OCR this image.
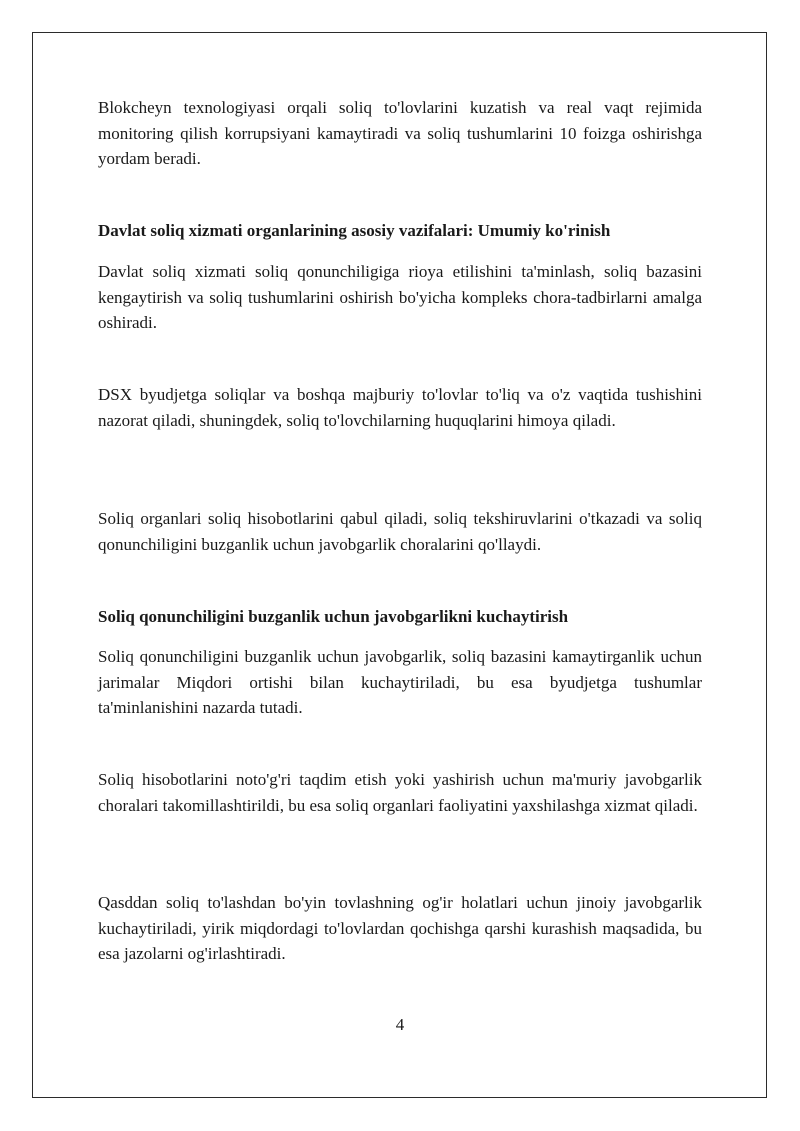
Blokcheyn texnologiyasi orqali soliq to'lovlarini kuzatish va real vaqt rejimida monitoring qilish korrupsiyani kamaytiradi va soliq tushumlarini 10 foizga oshirishga yordam beradi.

Davlat soliq xizmati organlarining asosiy vazifalari: Umumiy ko'rinish

Davlat soliq xizmati soliq qonunchiligiga rioya etilishini ta'minlash, soliq bazasini kengaytirish va soliq tushumlarini oshirish bo'yicha kompleks chora-tadbirlarni amalga oshiradi.

DSX byudjetga soliqlar va boshqa majburiy to'lovlar to'liq va o'z vaqtida tushishini nazorat qiladi, shuningdek, soliq to'lovchilarning huquqlarini himoya qiladi.

Soliq organlari soliq hisobotlarini qabul qiladi, soliq tekshiruvlarini o'tkazadi va soliq qonunchiligini buzganlik uchun javobgarlik choralarini qo'llaydi.

Soliq qonunchiligini buzganlik uchun javobgarlikni kuchaytirish

Soliq qonunchiligini buzganlik uchun javobgarlik, soliq bazasini kamaytirganlik uchun jarimalar Miqdori ortishi bilan kuchaytiriladi, bu esa byudjetga tushumlar ta'minlanishini nazarda tutadi.

Soliq hisobotlarini noto'g'ri taqdim etish yoki yashirish uchun ma'muriy javobgarlik choralari takomillashtirildi, bu esa soliq organlari faoliyatini yaxshilashga xizmat qiladi.

Qasddan soliq to'lashdan bo'yin tovlashning og'ir holatlari uchun jinoiy javobgarlik kuchaytiriladi, yirik miqdordagi to'lovlardan qochishga qarshi kurashish maqsadida, bu esa jazolarni og'irlashtiradi.

4
